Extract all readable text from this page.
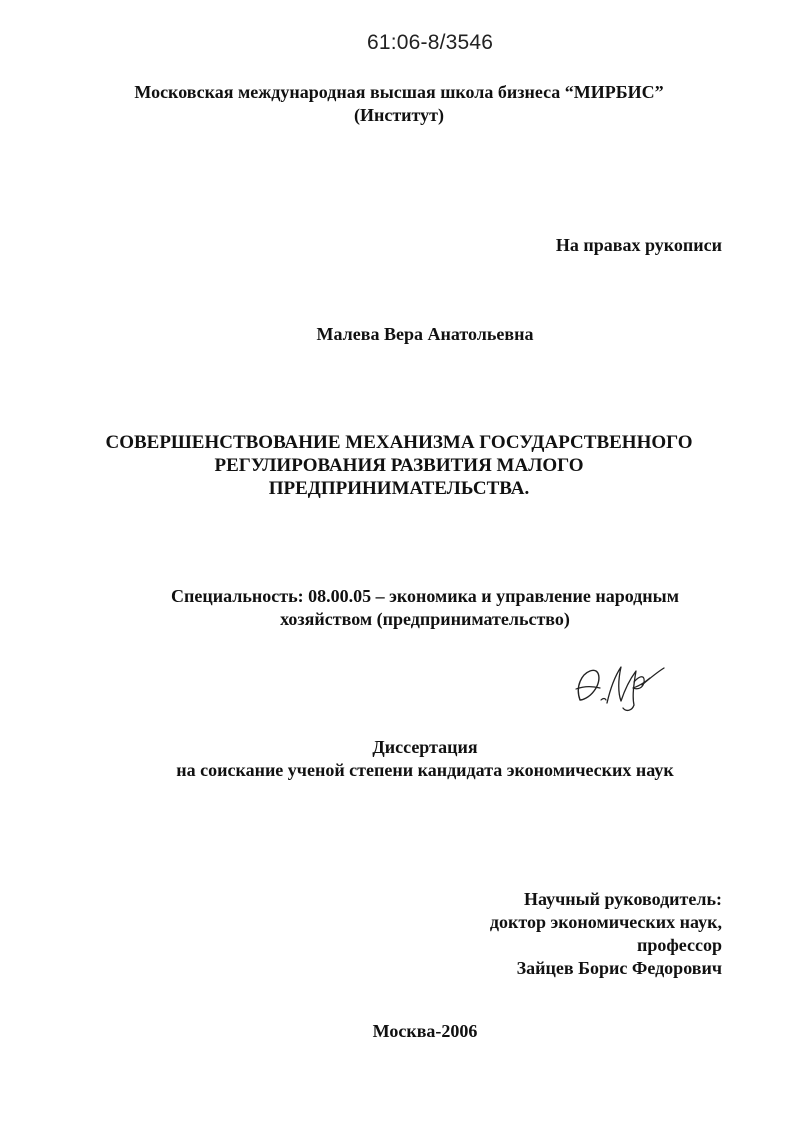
61:06-8/3546
Московская международная высшая школа бизнеса “МИРБИС”
(Институт)
На правах рукописи
Малева Вера Анатольевна
СОВЕРШЕНСТВОВАНИЕ МЕХАНИЗМА ГОСУДАРСТВЕННОГО
РЕГУЛИРОВАНИЯ РАЗВИТИЯ МАЛОГО
ПРЕДПРИНИМАТЕЛЬСТВА.
Специальность: 08.00.05 – экономика и управление народным
хозяйством (предпринимательство)
Диссертация
на соискание ученой степени кандидата экономических наук
Научный руководитель:
доктор экономических наук,
профессор
Зайцев Борис Федорович
Москва-2006
